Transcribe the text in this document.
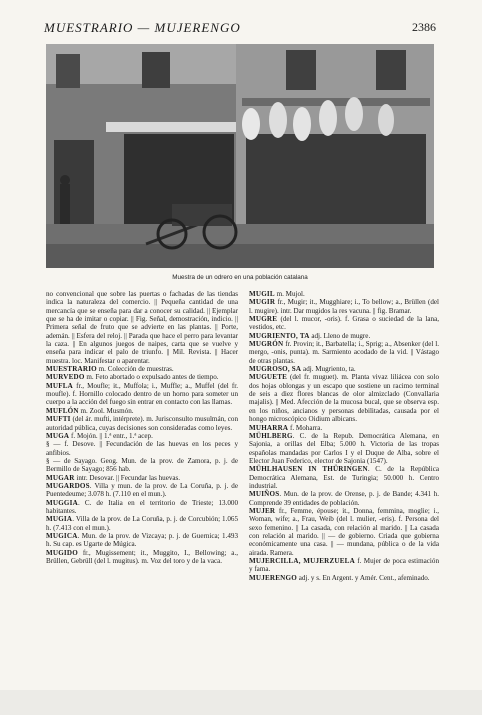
MUESTRARIO — MUJERENGO	2386
Muestra de un odrero en una población catalana

no convencional que sobre las puertas o fachadas de las tiendas indica la naturaleza del comercio. || Pequeña cantidad de una mercancía que se enseña para dar a conocer su calidad. || Ejemplar que se ha de imitar o copiar. || Fig. Señal, demostración, indicio. || Primera señal de fruto que se advierte en las plantas. || Porte, ademán. || Esfera del reloj. || Parada que hace el perro para levantar la caza. || En algunos juegos de naipes, carta que se vuelve y enseña para indicar el palo de triunfo. || Mil. Revista. || Hacer muestra. loc. Manifestar o aparentar.

MUESTRARIO m. Colección de muestras.

MURVEDO m. Feto abortado o expulsado antes de tiempo.

MUFLA fr., Moufle; it., Muffola; i., Muffle; a., Muffel (del fr. moufle). f. Hornillo colocado dentro de un horno para someter un cuerpo a la acción del fuego sin entrar en contacto con las llamas.

MUFLÓN m. Zool. Musmón.

MUFTI (del ár. mufti, intérprete). m. Jurisconsulto musulmán, con autoridad pública, cuyas decisiones son consideradas como leyes.

MUGA f. Mojón. || 1.ª entr., 1.ª acep.

§ — f. Desove. || Fecundación de las huevas en los peces y anfibios.

§ — de Sayago. Geog. Mun. de la prov. de Zamora, p. j. de Bermillo de Sayago; 856 hab.

MUGAR intr. Desovar. || Fecundar las huevas.

MUGARDOS. Villa y mun. de la prov. de La Coruña, p. j. de Puentedeume; 3.078 h. (7.110 en el mun.).

MUGGIA. C. de Italia en el territorio de Trieste; 13.000 habitantes.

MUGIA. Villa de la prov. de La Coruña, p. j. de Corcubión; 1.065 h. (7.413 con el mun.).

MUGICA. Mun. de la prov. de Vizcaya; p. j. de Guernica; 1.493 h. Su cap. es Ugarte de Múgica.

MUGIDO fr., Mugissement; it., Muggito, I., Bellowing; a., Brüllen, Gebrüll (del l. mugitus). m. Voz del toro y de la vaca.

MUGIL m. Mujol.

MUGIR fr., Mugir; it., Mugghiare; i., To bellow; a., Brüllen (del l. mugire). intr. Dar mugidos la res vacuna. || fig. Bramar.

MUGRE (del l. mucor, -oris). f. Grasa o suciedad de la lana, vestidos, etc.

MUGRIENTO, TA adj. Lleno de mugre.

MUGRÓN fr. Provin; it., Barbatella; i., Sprig; a., Absenker (del l. mergo, -onis, punta). m. Sarmiento acodado de la vid. || Vástago de otras plantas.

MUGROSO, SA adj. Mugriento, ta.

MUGUETE (del fr. muguet). m. Planta vivaz liliácea con solo dos hojas oblongas y un escapo que sostiene un racimo terminal de seis a diez flores blancas de olor almizclado (Convallaria majalis). || Med. Afección de la mucosa bucal, que se observa esp. en los niños, ancianos y personas debilitadas, causada por el hongo microscópico Oidium albicans.

MUHARRA f. Moharra.

MÜHLBERG. C. de la Repub. Democrática Alemana, en Sajonia, a orillas del Elba; 5.000 h. Victoria de las tropas españolas mandadas por Carlos I y el Duque de Alba, sobre el Elector Juan Federico, elector de Sajonia (1547).

MÜHLHAUSEN IN THÜRINGEN. C. de la República Democrática Alemana, Est. de Turingia; 50.000 h. Centro industrial.

MUIÑOS. Mun. de la prov. de Orense, p. j. de Bande; 4.341 h. Comprende 39 entidades de población.

MUJER fr., Femme, épouse; it., Donna, femmina, moglie; i., Woman, wife; a., Frau, Weib (del l. mulier, -eris). f. Persona del sexo femenino. || La casada, con relación al marido. || La casada con relación al marido. || — de gobierno. Criada que gobierna económicamente una casa. || — mundana, pública o de la vida airada. Ramera.

MUJERCILLA, MUJERZUELA f. Mujer de poca estimación y fama.

MUJERENGO adj. y s. En Argent. y Amér. Cent., afeminado.
